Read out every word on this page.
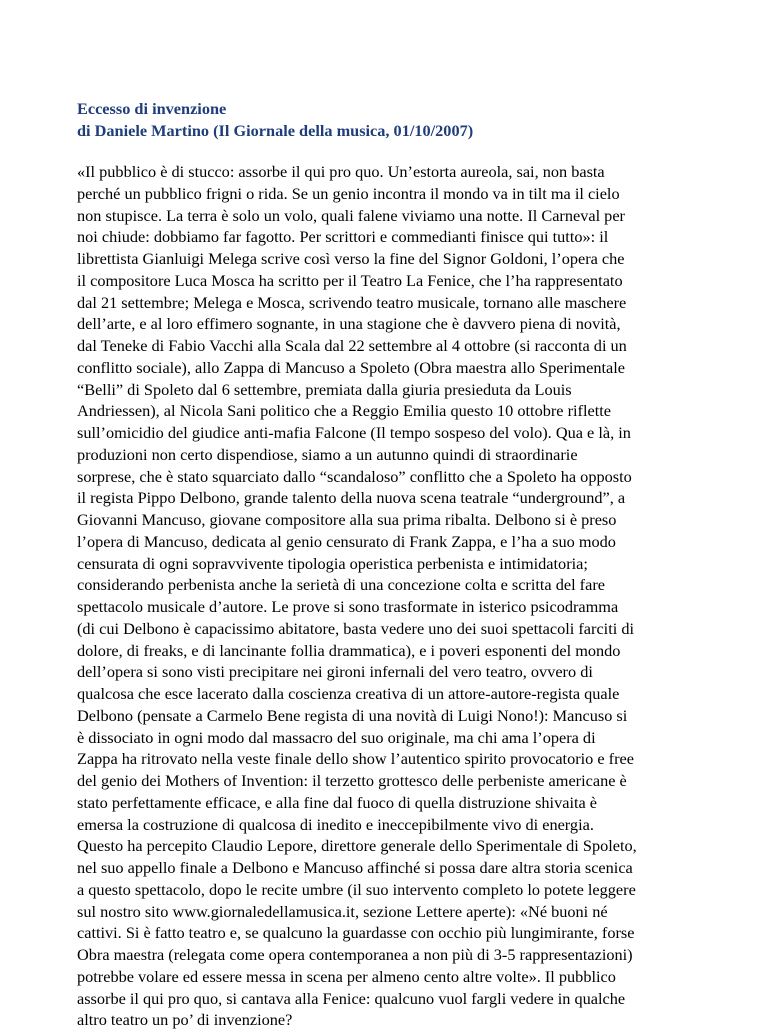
Eccesso di invenzione
di Daniele Martino (Il Giornale della musica, 01/10/2007)
«Il pubblico è di stucco: assorbe il qui pro quo. Un’estorta aureola, sai, non basta
perché un pubblico frigni o rida. Se un genio incontra il mondo va in tilt ma il cielo
non stupisce. La terra è solo un volo, quali falene viviamo una notte. Il Carneval per
noi chiude: dobbiamo far fagotto. Per scrittori e commedianti finisce qui tutto»: il
librettista Gianluigi Melega scrive così verso la fine del Signor Goldoni, l’opera che
il compositore Luca Mosca ha scritto per il Teatro La Fenice, che l’ha rappresentato
dal 21 settembre; Melega e Mosca, scrivendo teatro musicale, tornano alle maschere
dell’arte, e al loro effimero sognante, in una stagione che è davvero piena di novità,
dal Teneke di Fabio Vacchi alla Scala dal 22 settembre al 4 ottobre (si racconta di un
conflitto sociale), allo Zappa di Mancuso a Spoleto (Obra maestra allo Sperimentale
“Belli” di Spoleto dal 6 settembre, premiata dalla giuria presieduta da Louis
Andriessen), al Nicola Sani politico che a Reggio Emilia questo 10 ottobre riflette
sull’omicidio del giudice anti-mafia Falcone (Il tempo sospeso del volo). Qua e là, in
produzioni non certo dispendiose, siamo a un autunno quindi di straordinarie
sorprese, che è stato squarciato dallo “scandaloso” conflitto che a Spoleto ha opposto
il regista Pippo Delbono, grande talento della nuova scena teatrale “underground”, a
Giovanni Mancuso, giovane compositore alla sua prima ribalta. Delbono si è preso
l’opera di Mancuso, dedicata al genio censurato di Frank Zappa, e l’ha a suo modo
censurata di ogni sopravvivente tipologia operistica perbenista e intimidatoria;
considerando perbenista anche la serietà di una concezione colta e scritta del fare
spettacolo musicale d’autore. Le prove si sono trasformate in isterico psicodramma
(di cui Delbono è capacissimo abitatore, basta vedere uno dei suoi spettacoli farciti di
dolore, di freaks, e di lancinante follia drammatica), e i poveri esponenti del mondo
dell’opera si sono visti precipitare nei gironi infernali del vero teatro, ovvero di
qualcosa che esce lacerato dalla coscienza creativa di un attore-autore-regista quale
Delbono (pensate a Carmelo Bene regista di una novità di Luigi Nono!): Mancuso si
è dissociato in ogni modo dal massacro del suo originale, ma chi ama l’opera di
Zappa ha ritrovato nella veste finale dello show l’autentico spirito provocatorio e free
del genio dei Mothers of Invention: il terzetto grottesco delle perbeniste americane è
stato perfettamente efficace, e alla fine dal fuoco di quella distruzione shivaita è
emersa la costruzione di qualcosa di inedito e ineccepibilmente vivo di energia.
Questo ha percepito Claudio Lepore, direttore generale dello Sperimentale di Spoleto,
nel suo appello finale a Delbono e Mancuso affinché si possa dare altra storia scenica
a questo spettacolo, dopo le recite umbre (il suo intervento completo lo potete leggere
sul nostro sito www.giornaledellamusica.it, sezione Lettere aperte): «Né buoni né
cattivi. Si è fatto teatro e, se qualcuno la guardasse con occhio più lungimirante, forse
Obra maestra (relegata come opera contemporanea a non più di 3-5 rappresentazioni)
potrebbe volare ed essere messa in scena per almeno cento altre volte». Il pubblico
assorbe il qui pro quo, si cantava alla Fenice: qualcuno vuol fargli vedere in qualche
altro teatro un po’ di invenzione?
